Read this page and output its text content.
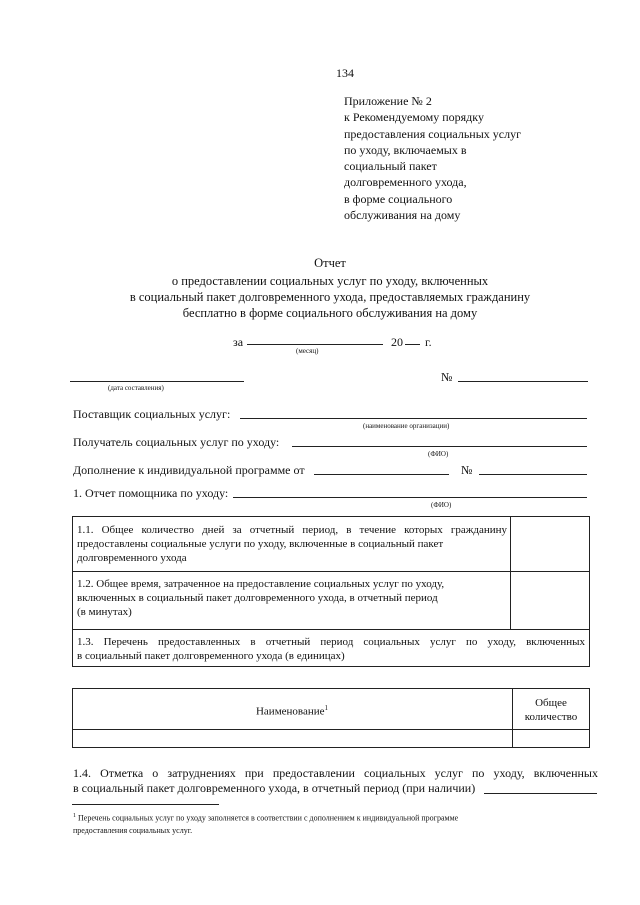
134
Приложение № 2
к Рекомендуемому порядку
предоставления социальных услуг
по уходу, включаемых в
социальный пакет
долговременного ухода,
в форме социального
обслуживания на дому
Отчет
о предоставлении социальных услуг по уходу, включенных
в социальный пакет долговременного ухода, предоставляемых гражданину
бесплатно в форме социального обслуживания на дому
за	20 г.
(месяц)
(дата составления)
№
Поставщик социальных услуг:
(наименование организации)
Получатель социальных услуг по уходу:
(ФИО)
Дополнение к индивидуальной программе от	№
1. Отчет помощника по уходу:
(ФИО)
1.1. Общее количество дней за отчетный период, в течение которых гражданину
предоставлены социальные услуги по уходу, включенные в социальный пакет
долговременного ухода
1.2. Общее время, затраченное на предоставление социальных услуг по уходу,
включенных в социальный пакет долговременного ухода, в отчетный период
(в минутах)
1.3. Перечень предоставленных в отчетный период социальных услуг по уходу, включенных
в социальный пакет долговременного ухода (в единицах)
Наименование$^1$	Общее
количество
1.4. Отметка о затруднениях при предоставлении социальных услуг по уходу, включенных
в социальный пакет долговременного ухода, в отчетный период (при наличии)
$^1$ Перечень социальных услуг по уходу заполняется в соответствии с дополнением к индивидуальной программе
предоставления социальных услуг.
